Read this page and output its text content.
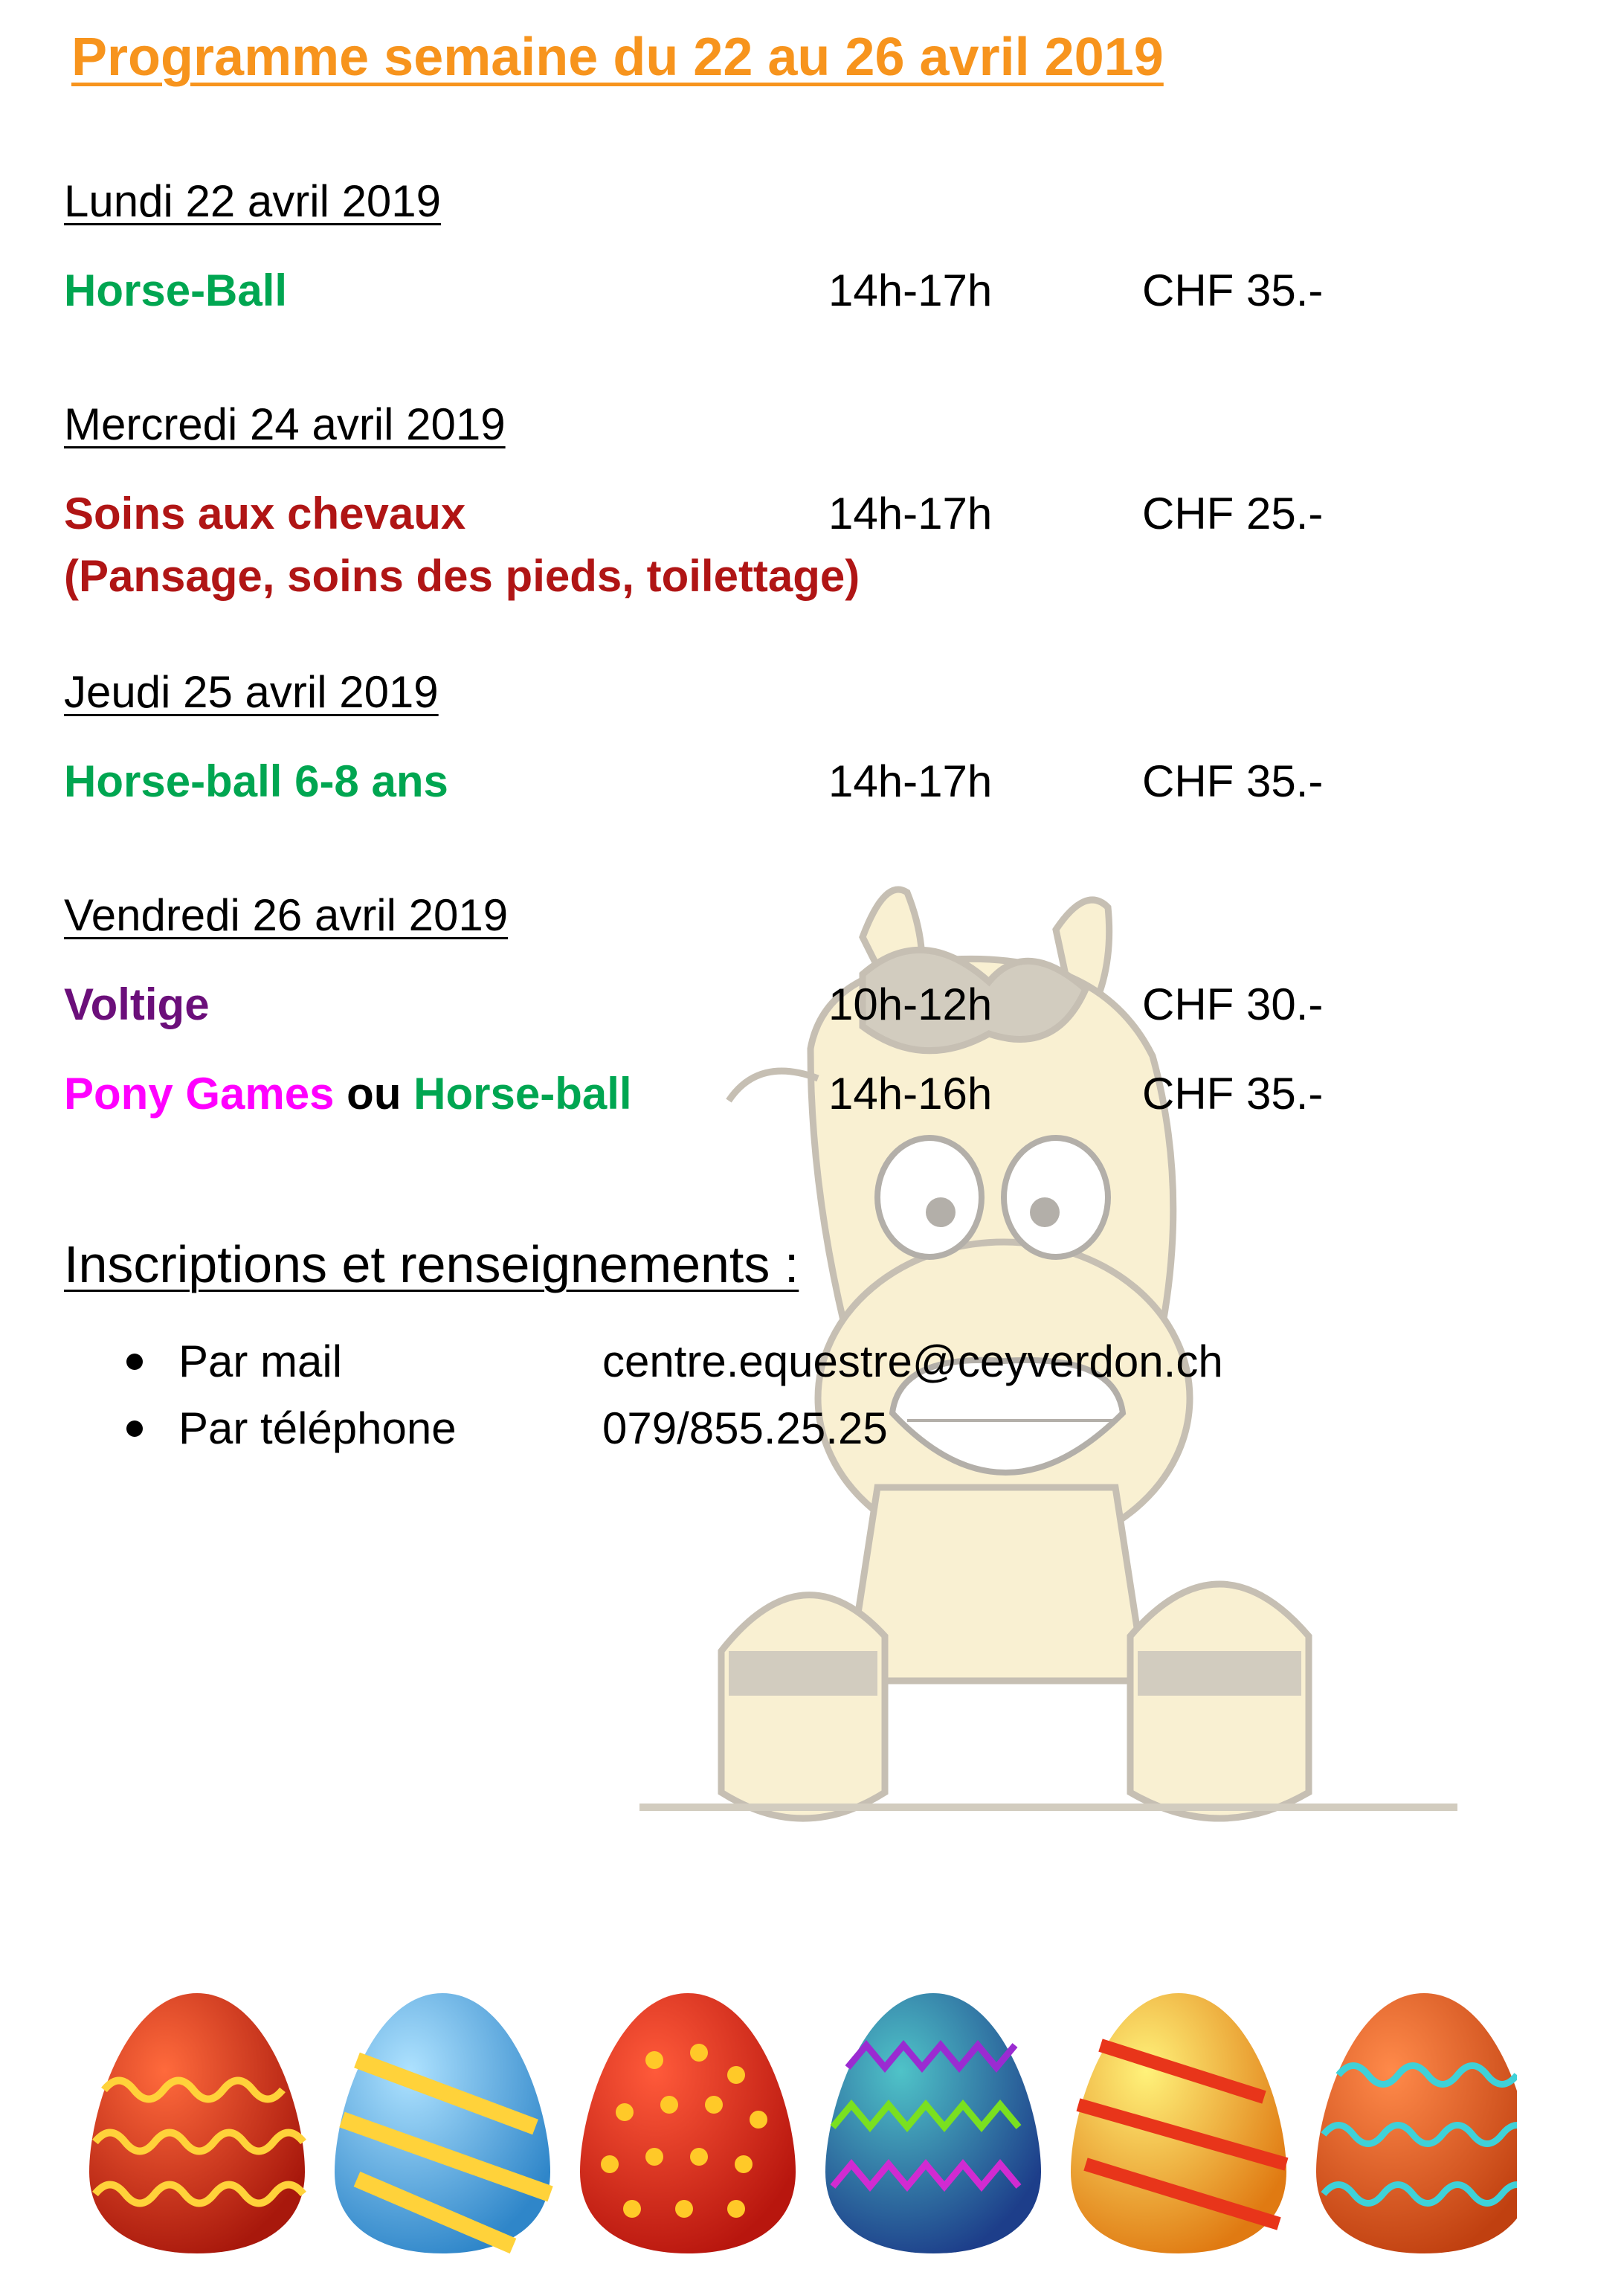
Programme semaine du 22 au 26 avril 2019
Lundi 22 avril 2019
Horse-Ball	14h-17h	CHF 35.-
Mercredi 24 avril 2019
Soins aux chevaux	14h-17h	CHF 25.-
(Pansage, soins des pieds, toilettage)
Jeudi 25 avril 2019
Horse-ball 6-8 ans	14h-17h	CHF 35.-
Vendredi 26 avril 2019
Voltige	10h-12h	CHF 30.-
Pony Games ou Horse-ball	14h-16h	CHF 35.-
Inscriptions et renseignements :
Par mail	centre.equestre@ceyverdon.ch
Par téléphone	079/855.25.25
